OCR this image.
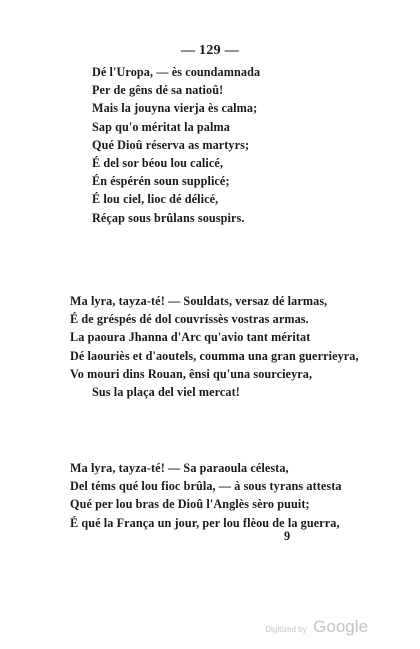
— 129 —
Dé l'Uropa, — ès coundamnada
Per de gêns dé sa natioû!
Mais la jouyna vierja ès calma;
Sap qu'o méritat la palma
Qué Dioû réserva as martyrs;
É del sor béou lou calicé,
Én éspérén soun supplicé;
É lou ciel, lioc dé délicé,
Réçap sous brûlans souspirs.
Ma lyra, tayza-té! — Souldats, versaz dé larmas,
É de gréspés dé dol couvrissès vostras armas.
La paoura Jhanna d'Arc qu'avio tant méritat
Dé laouriès et d'aoutels, coumma una gran guerrieyra,
Vo mouri dins Rouan, ênsi qu'una sourcieyra,
Sus la plaça del viel mercat!
Ma lyra, tayza-té! — Sa paraoula célesta,
Del téms qué lou fioc brûla, — à sous tyrans attesta
Qué per lou bras de Dioû l'Anglès sèro puuit;
É qué la França un jour, per lou flèou de la guerra,
9
Digitized by Google
